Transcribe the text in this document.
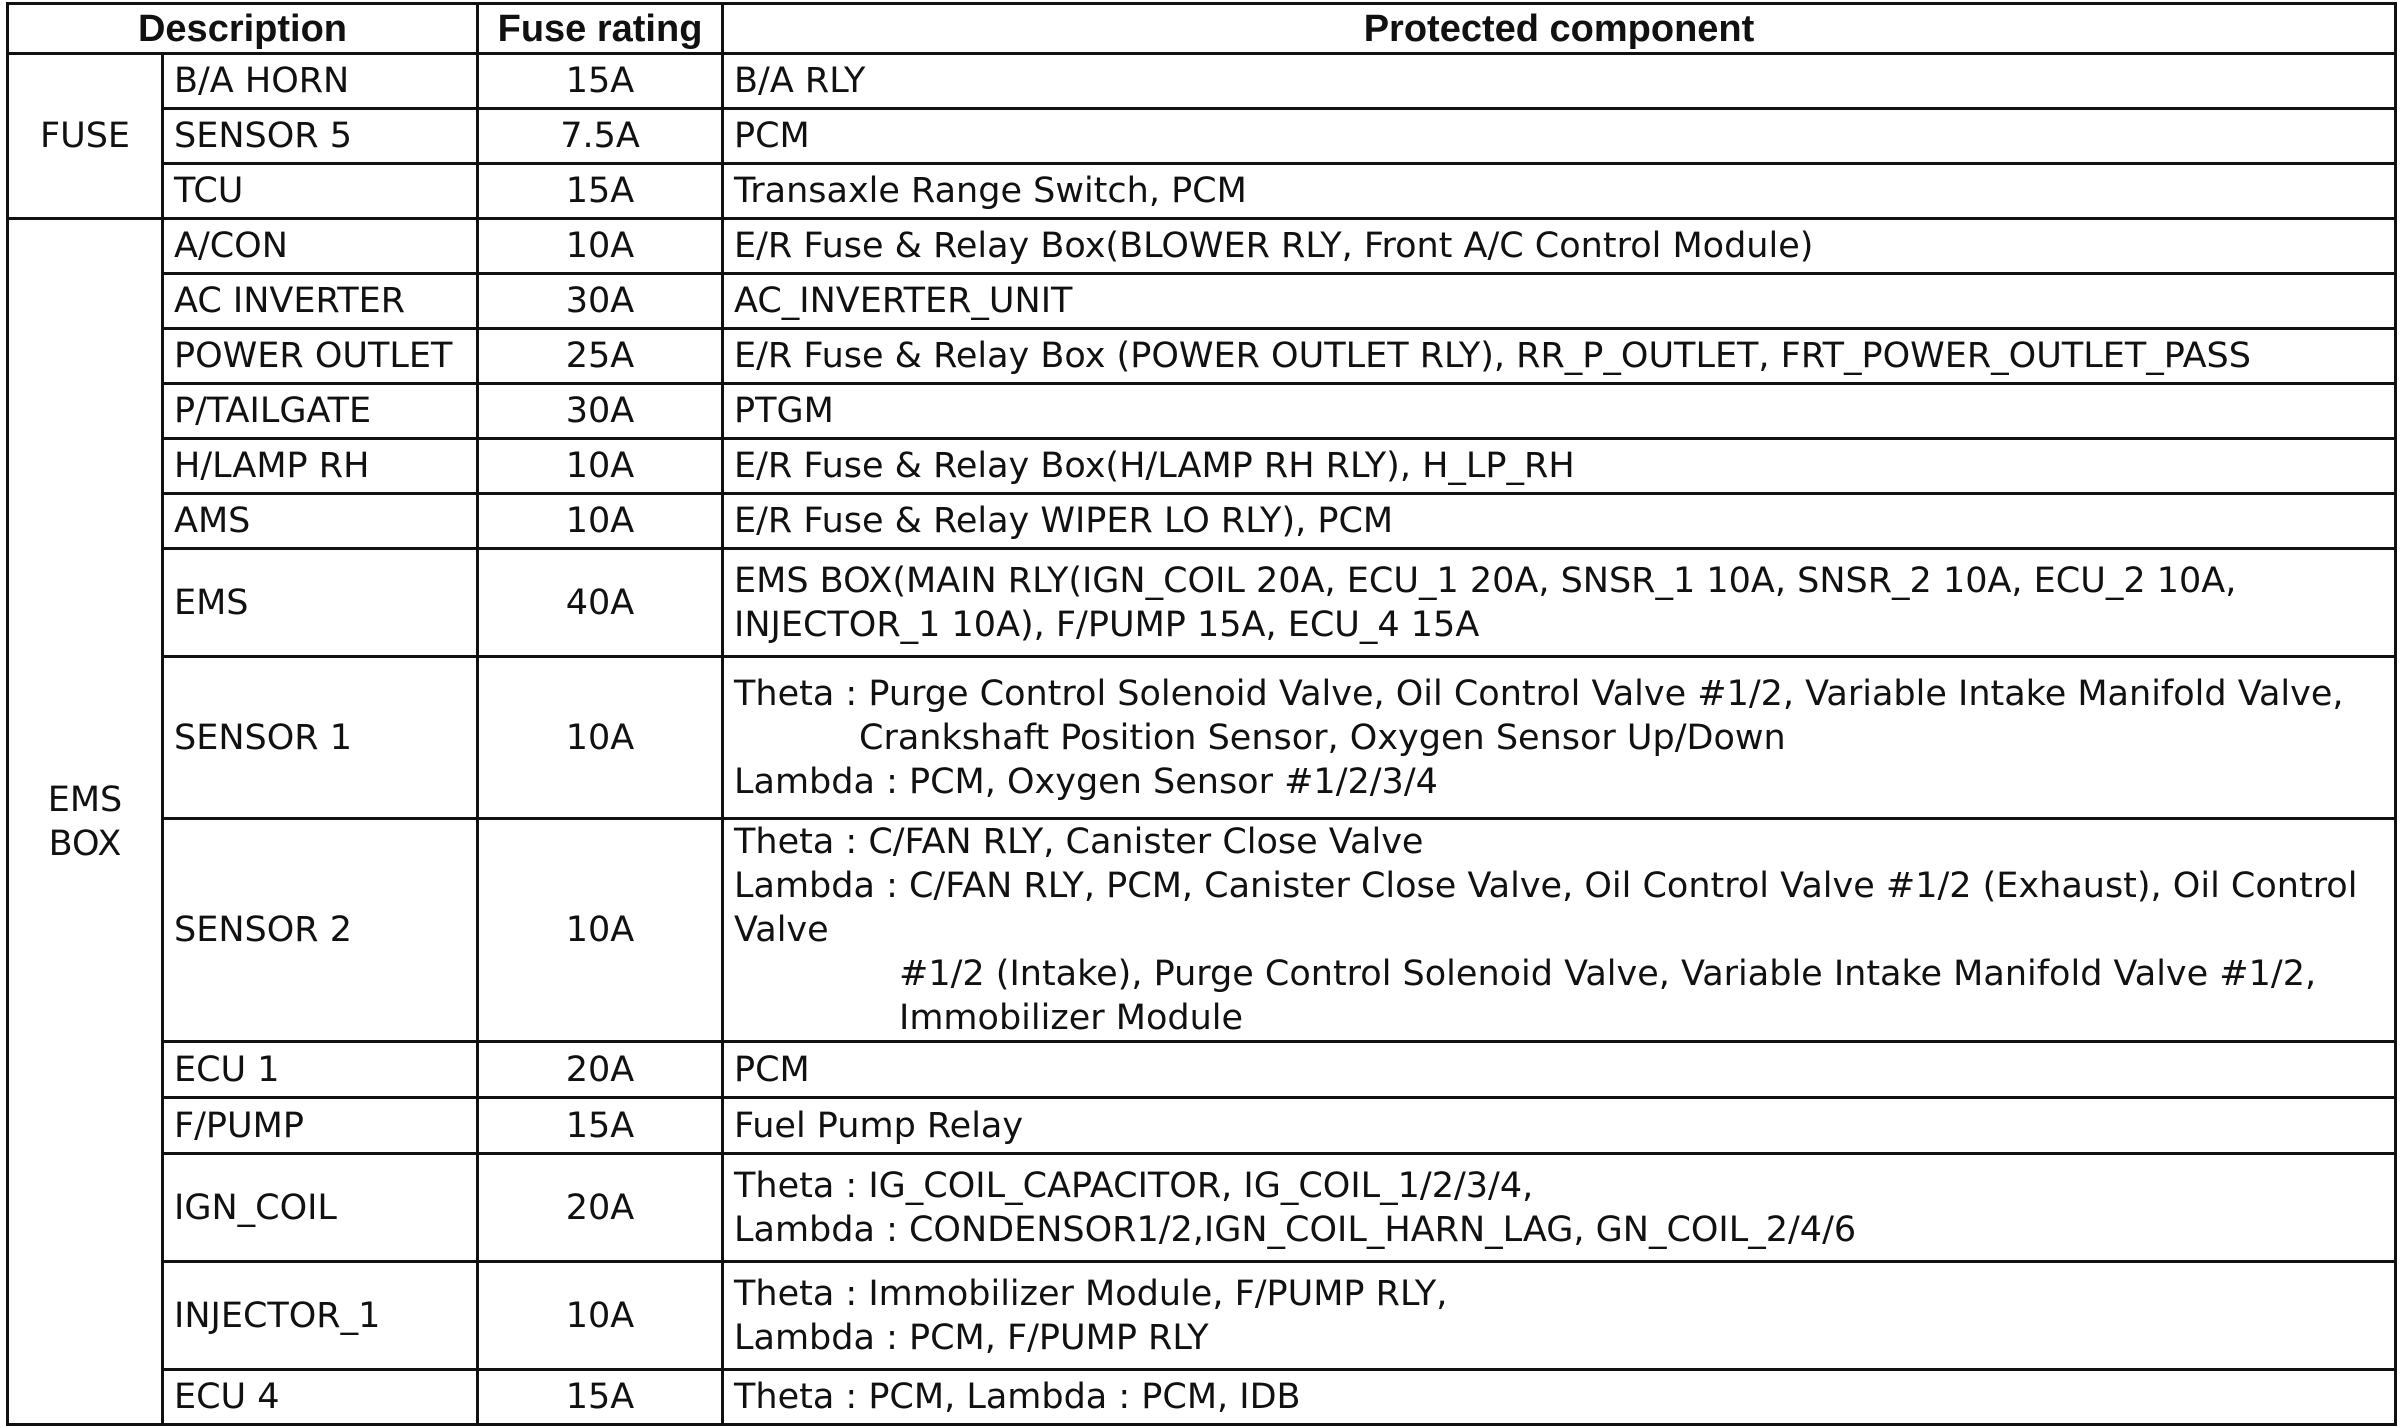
Description		Fuse rating	Protected component
FUSE	B/A HORN	15A	B/A RLY
	SENSOR 5	7.5A	PCM
	TCU	15A	Transaxle Range Switch, PCM

EMS
BOX	A/CON	10A	E/R Fuse & Relay Box(BLOWER RLY, Front A/C Control Module)
	AC INVERTER	30A	AC_INVERTER_UNIT
	POWER OUTLET	25A	E/R Fuse & Relay Box (POWER OUTLET RLY), RR_P_OUTLET, FRT_POWER_OUTLET_PASS
	P/TAILGATE	30A	PTGM
	H/LAMP RH	10A	E/R Fuse & Relay Box(H/LAMP RH RLY), H_LP_RH
	AMS	10A	E/R Fuse & Relay WIPER LO RLY), PCM
	EMS	40A	EMS BOX(MAIN RLY(IGN_COIL 20A, ECU_1 20A, SNSR_1 10A, SNSR_2 10A, ECU_2 10A,
INJECTOR_1 10A), F/PUMP 15A, ECU_4 15A

	SENSOR 1	10A	Theta : Purge Control Solenoid Valve, Oil Control Valve #1/2, Variable Intake Manifold Valve,
Crankshaft Position Sensor, Oxygen Sensor Up/Down
Lambda : PCM, Oxygen Sensor #1/2/3/4

	SENSOR 2	10A	Theta : C/FAN RLY, Canister Close Valve
Lambda : C/FAN RLY, PCM, Canister Close Valve, Oil Control Valve #1/2 (Exhaust), Oil Control Valve
#1/2 (Intake), Purge Control Solenoid Valve, Variable Intake Manifold Valve #1/2,
Immobilizer Module

	ECU 1	20A	PCM
	F/PUMP	15A	Fuel Pump Relay
	IGN_COIL	20A	Theta : IG_COIL_CAPACITOR, IG_COIL_1/2/3/4,
Lambda : CONDENSOR1/2,IGN_COIL_HARN_LAG, GN_COIL_2/4/6

	INJECTOR_1	10A	Theta : Immobilizer Module, F/PUMP RLY,
Lambda : PCM, F/PUMP RLY

	ECU 4	15A	Theta : PCM, Lambda : PCM, IDB
